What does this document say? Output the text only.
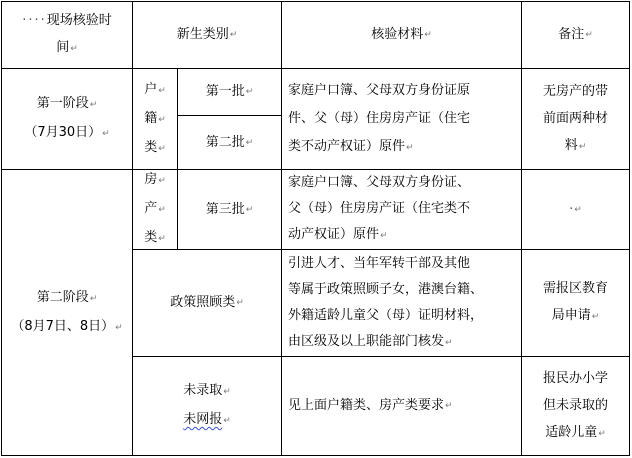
····现场核验时
间↵
新生类别 ↵	核验材料 ↵	备注 ↵
第一阶段↵
（7月30日）↵
户↵
籍↵
类↵
第一批 ↵
第二批 ↵
家庭户口簿、父母双方身份证原
件、父（母）住房房产证（住宅
类不动产权证）原件↵
无房产的带
前面两种材
料↵
第二阶段↵
（8月7日、8日）↵
房↵
产↵
类↵
第三批 ↵
家庭户口簿、父母双方身份证、
父（母）住房房产证（住宅类不
动产权证）原件↵
· ↵
政策照顾类 ↵
引进人才、当年军转干部及其他
等属于政策照顾子女，港澳台籍、
外籍适龄儿童父（母）证明材料，
由区级及以上职能部门核发↵
需报区教育
局申请↵
未录取↵
未网报↵
见上面户籍类、房产类要求 ↵
报民办小学
但未录取的
适龄儿童↵
